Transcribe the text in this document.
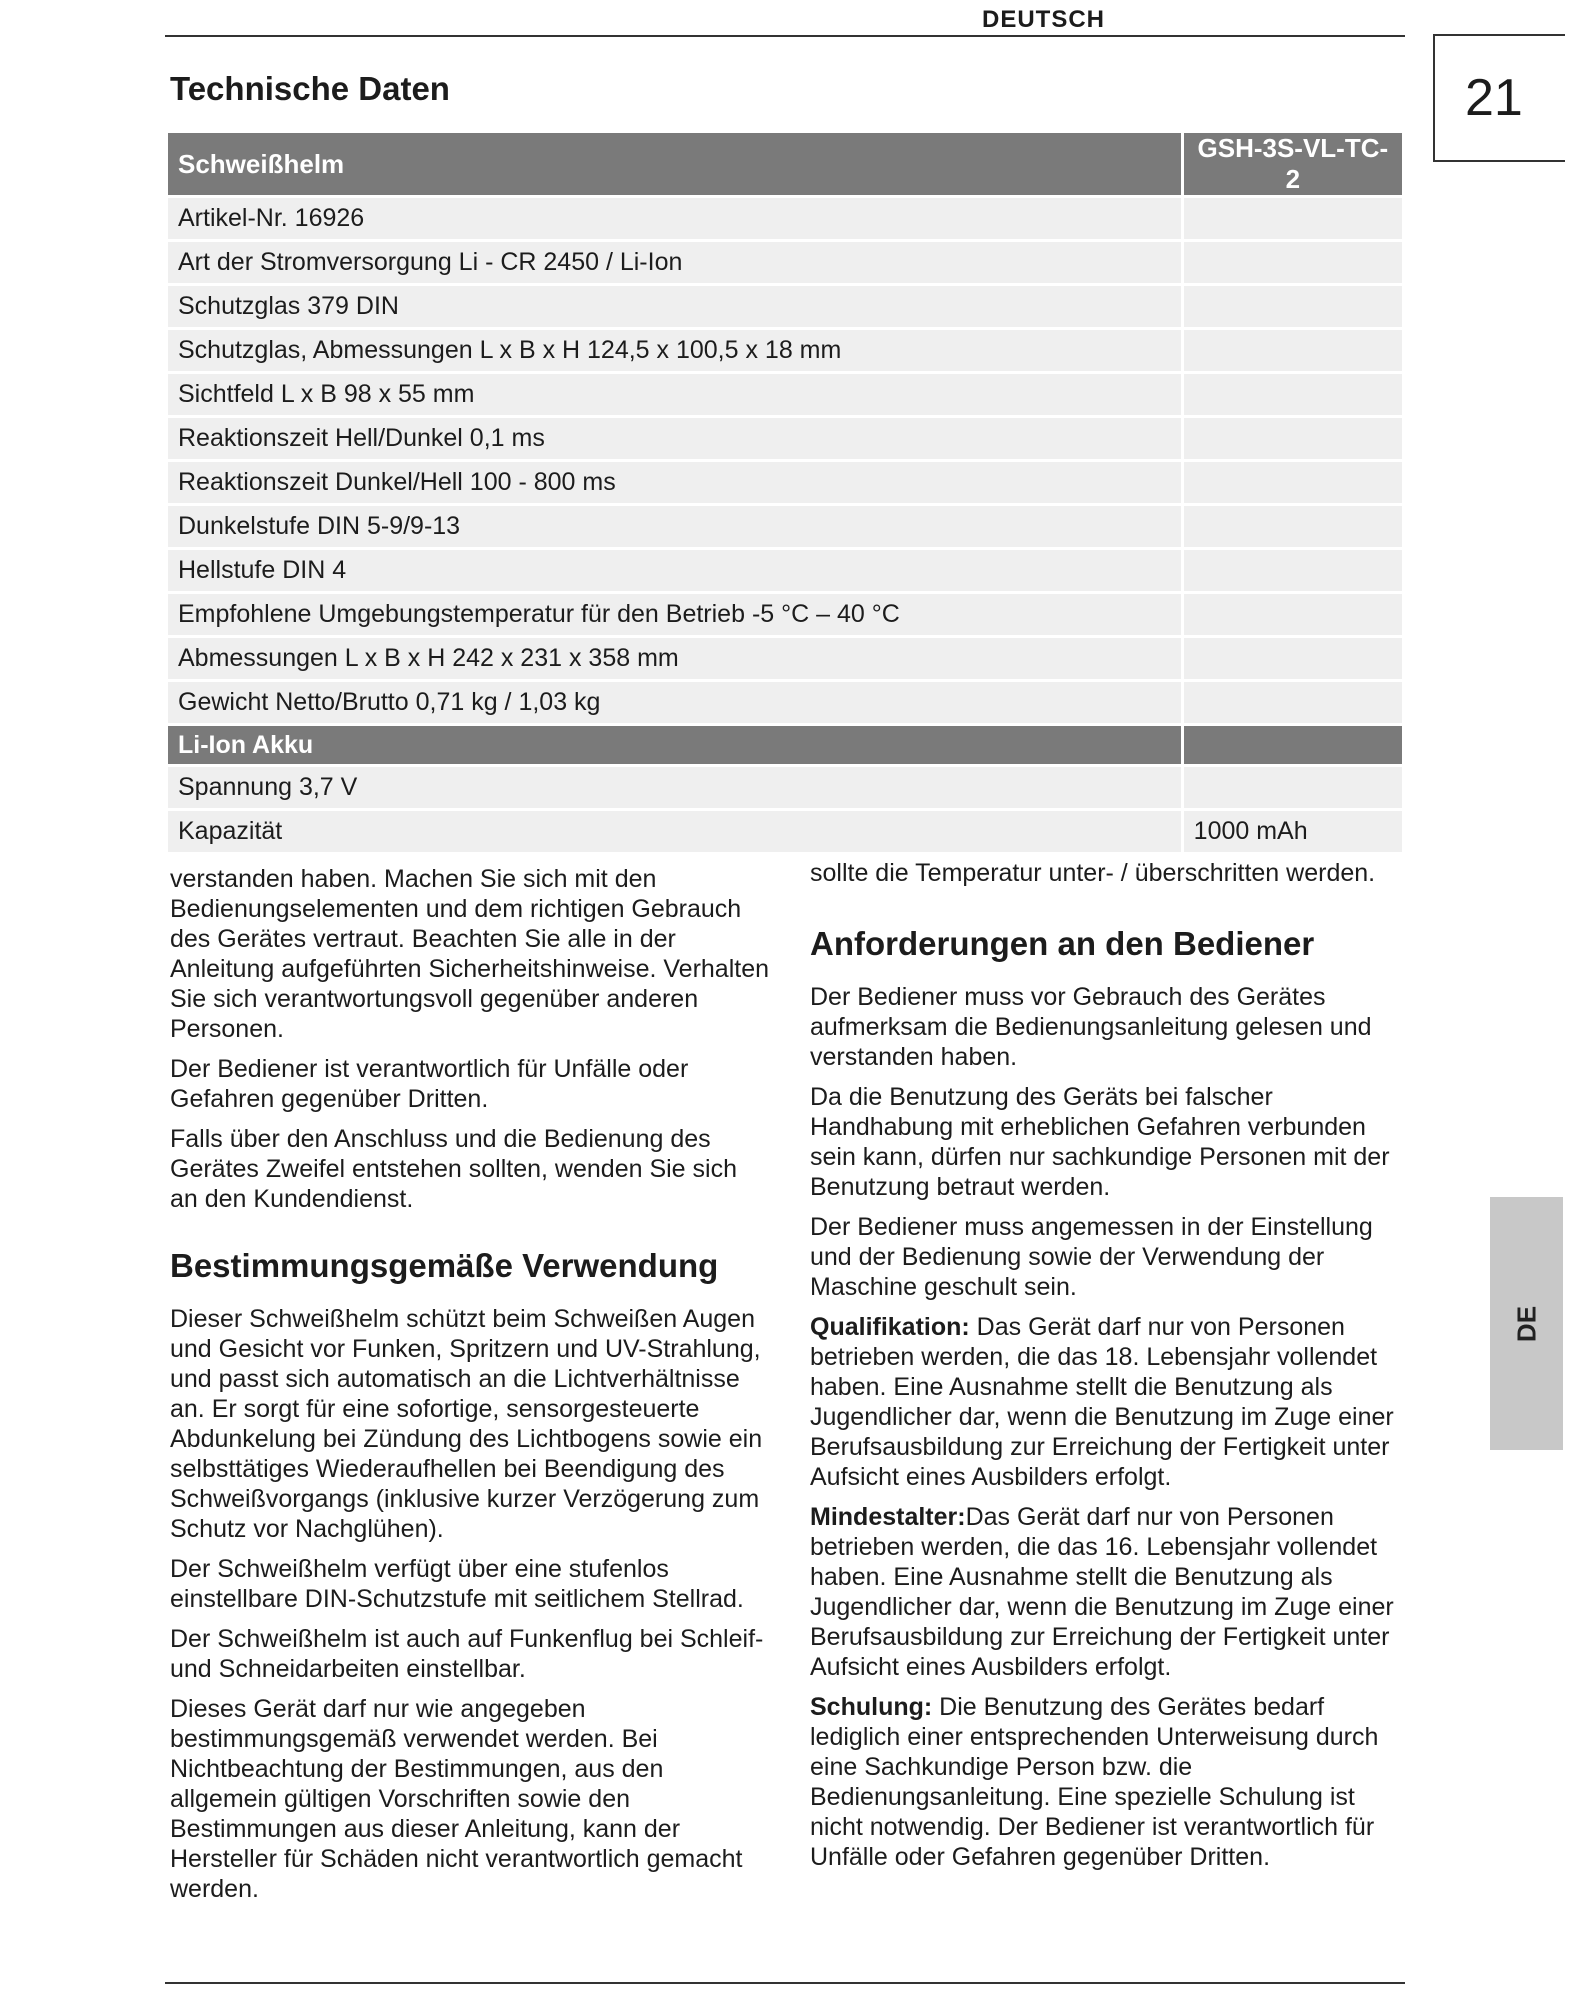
DEUTSCH
21
Technische Daten
Schweißhelm	GSH-3S-VL-TC-2
Artikel-Nr. 16926	
Art der Stromversorgung Li - CR 2450 / Li-Ion	
Schutzglas 379 DIN	
Schutzglas, Abmessungen L x B x H 124,5 x 100,5 x 18 mm	
Sichtfeld L x B 98 x 55 mm	
Reaktionszeit Hell/Dunkel 0,1 ms	
Reaktionszeit Dunkel/Hell 100 - 800 ms	
Dunkelstufe DIN 5-9/9-13	
Hellstufe DIN 4	
Empfohlene Umgebungstemperatur für den Betrieb -5 °C – 40 °C	
Abmessungen L x B x H 242 x 231 x 358 mm	
Gewicht Netto/Brutto 0,71 kg / 1,03 kg	
Li-Ion Akku	
Spannung 3,7 V	
Kapazität	1000 mAh

verstanden haben. Machen Sie sich mit den Bedienungselementen und dem richtigen Gebrauch des Gerätes vertraut. Beachten Sie alle in der Anleitung aufgeführten Sicherheitshinweise. Verhalten Sie sich verantwortungsvoll gegenüber anderen Personen.

Der Bediener ist verantwortlich für Unfälle oder Gefahren gegenüber Dritten.

Falls über den Anschluss und die Bedienung des Gerätes Zweifel entstehen sollten, wenden Sie sich an den Kundendienst.

Bestimmungsgemäße Verwendung

Dieser Schweißhelm schützt beim Schweißen Augen und Gesicht vor Funken, Spritzern und UV-Strahlung, und passt sich automatisch an die Lichtverhältnisse an. Er sorgt für eine sofortige, sensorgesteuerte Abdunkelung bei Zündung des Lichtbogens sowie ein selbsttätiges Wiederaufhellen bei Beendigung des Schweißvorgangs (inklusive kurzer Verzögerung zum Schutz vor Nachglühen).

Der Schweißhelm verfügt über eine stufenlos einstellbare DIN-Schutzstufe mit seitlichem Stellrad.

Der Schweißhelm ist auch auf Funkenflug bei Schleif- und Schneidarbeiten einstellbar.

Dieses Gerät darf nur wie angegeben bestimmungsgemäß verwendet werden. Bei Nichtbeachtung der Bestimmungen, aus den allgemein gültigen Vorschriften sowie den Bestimmungen aus dieser Anleitung, kann der Hersteller für Schäden nicht verantwortlich gemacht werden.

sollte die Temperatur unter- / überschritten werden.

Anforderungen an den Bediener

Der Bediener muss vor Gebrauch des Gerätes aufmerksam die Bedienungsanleitung gelesen und verstanden haben.

Da die Benutzung des Geräts bei falscher Handhabung mit erheblichen Gefahren verbunden sein kann, dürfen nur sachkundige Personen mit der Benutzung betraut werden.

Der Bediener muss angemessen in der Einstellung und der Bedienung sowie der Verwendung der Maschine geschult sein.

Qualifikation: Das Gerät darf nur von Personen betrieben werden, die das 18. Lebensjahr vollendet haben. Eine Ausnahme stellt die Benutzung als Jugendlicher dar, wenn die Benutzung im Zuge einer Berufsausbildung zur Erreichung der Fertigkeit unter Aufsicht eines Ausbilders erfolgt.

Mindestalter:Das Gerät darf nur von Personen betrieben werden, die das 16. Lebensjahr vollendet haben. Eine Ausnahme stellt die Benutzung als Jugendlicher dar, wenn die Benutzung im Zuge einer Berufsausbildung zur Erreichung der Fertigkeit unter Aufsicht eines Ausbilders erfolgt.

Schulung: Die Benutzung des Gerätes bedarf lediglich einer entsprechenden Unterweisung durch eine Sachkundige Person bzw. die Bedienungsanleitung. Eine spezielle Schulung ist nicht notwendig. Der Bediener ist verantwortlich für Unfälle oder Gefahren gegenüber Dritten.

DE
